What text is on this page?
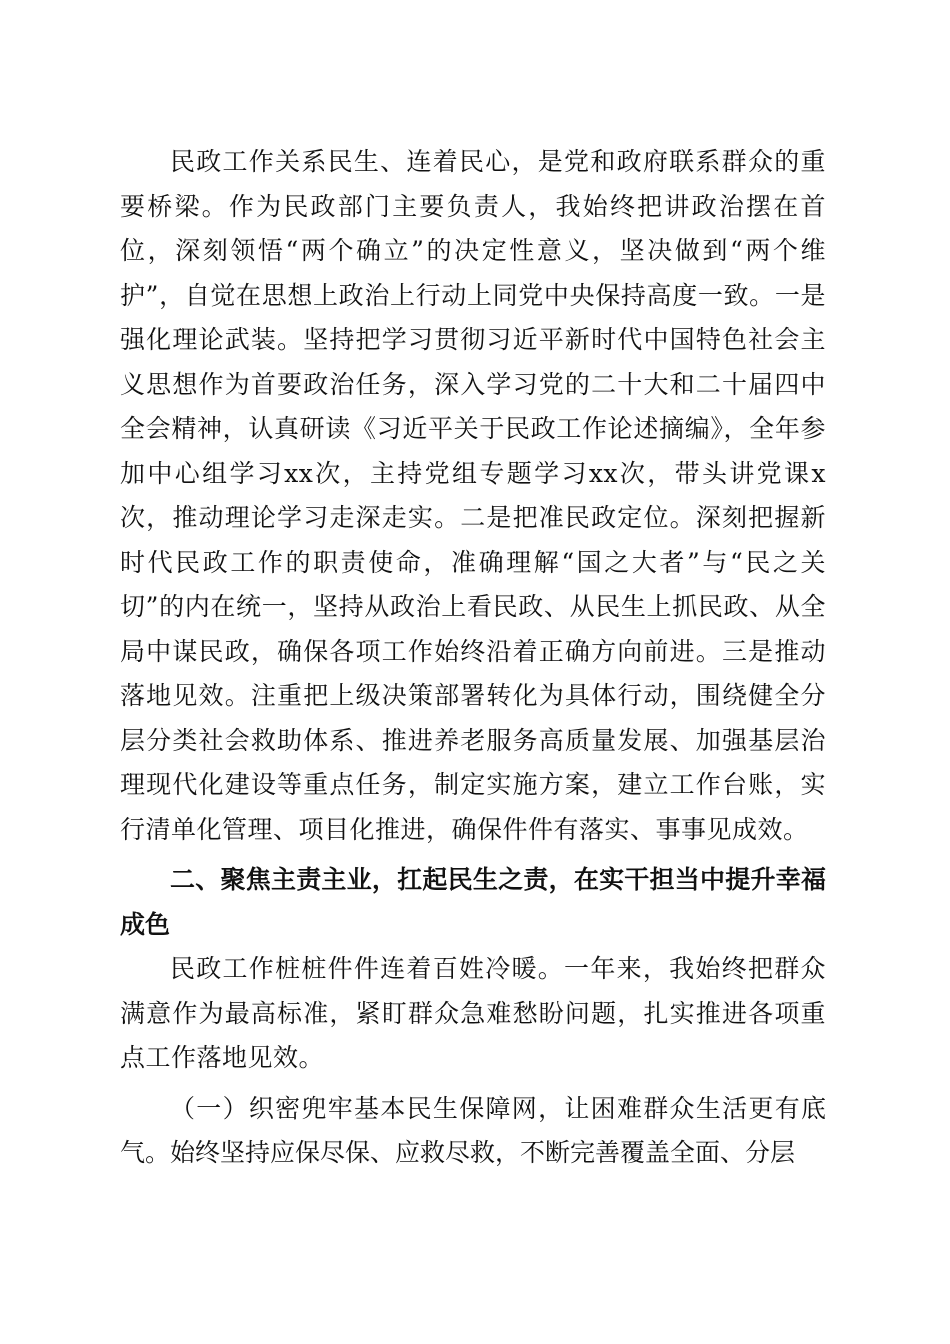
民政工作关系民生、连着民心，是党和政府联系群众的重要桥梁。作为民政部门主要负责人，我始终把讲政治摆在首位，深刻领悟“两个确立”的决定性意义，坚决做到“两个维护”，自觉在思想上政治上行动上同党中央保持高度一致。一是强化理论武装。坚持把学习贯彻习近平新时代中国特色社会主义思想作为首要政治任务，深入学习党的二十大和二十届四中全会精神，认真研读《习近平关于民政工作论述摘编》，全年参加中心组学习xx次，主持党组专题学习xx次，带头讲党课x次，推动理论学习走深走实。二是把准民政定位。深刻把握新时代民政工作的职责使命，准确理解“国之大者”与“民之关切”的内在统一，坚持从政治上看民政、从民生上抓民政、从全局中谋民政，确保各项工作始终沿着正确方向前进。三是推动落地见效。注重把上级决策部署转化为具体行动，围绕健全分层分类社会救助体系、推进养老服务高质量发展、加强基层治理现代化建设等重点任务，制定实施方案，建立工作台账，实行清单化管理、项目化推进，确保件件有落实、事事见成效。

二、聚焦主责主业，扛起民生之责，在实干担当中提升幸福成色

民政工作桩桩件件连着百姓冷暖。一年来，我始终把群众满意作为最高标准，紧盯群众急难愁盼问题，扎实推进各项重点工作落地见效。

（一）织密兜牢基本民生保障网，让困难群众生活更有底气。始终坚持应保尽保、应救尽救，不断完善覆盖全面、分层
